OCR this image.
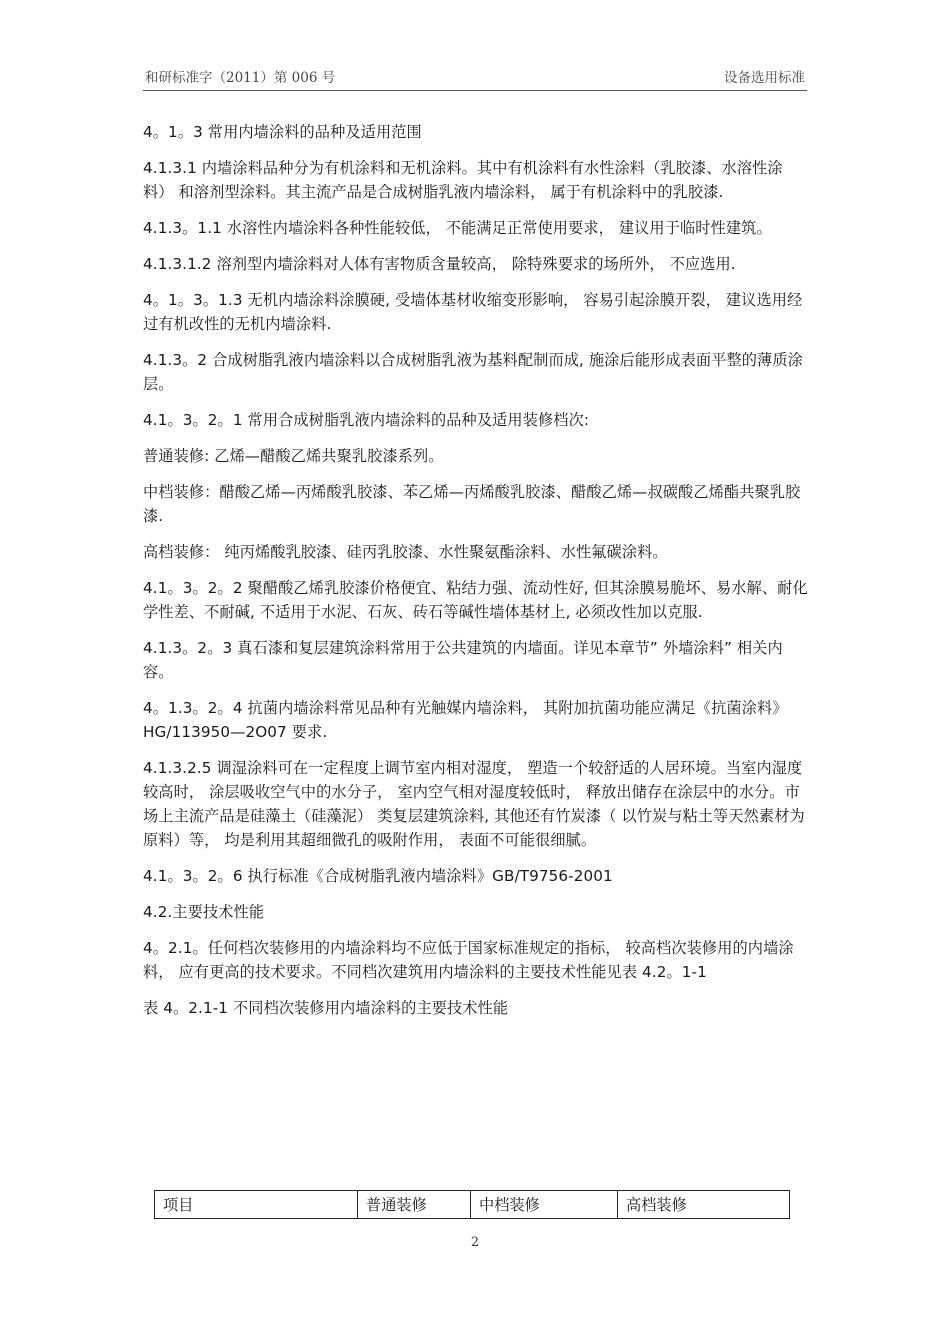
和研标准字（2011）第 006 号	设备选用标准

4。1。3 常用内墙涂料的品种及适用范围

4.1.3.1 内墙涂料品种分为有机涂料和无机涂料。其中有机涂料有水性涂料（乳胶漆、水溶性涂料） 和溶剂型涂料。其主流产品是合成树脂乳液内墙涂料， 属于有机涂料中的乳胶漆.

4.1.3。1.1 水溶性内墙涂料各种性能较低， 不能满足正常使用要求， 建议用于临时性建筑。

4.1.3.1.2 溶剂型内墙涂料对人体有害物质含量较高， 除特殊要求的场所外， 不应选用.

4。1。3。1.3 无机内墙涂料涂膜硬, 受墙体基材收缩变形影响， 容易引起涂膜开裂， 建议选用经过有机改性的无机内墙涂料.

4.1.3。2 合成树脂乳液内墙涂料以合成树脂乳液为基料配制而成, 施涂后能形成表面平整的薄质涂层。

4.1。3。2。1 常用合成树脂乳液内墙涂料的品种及适用装修档次:

普通装修: 乙烯—醋酸乙烯共聚乳胶漆系列。

中档装修：醋酸乙烯—丙烯酸乳胶漆、苯乙烯—丙烯酸乳胶漆、醋酸乙烯—叔碳酸乙烯酯共聚乳胶漆.

高档装修： 纯丙烯酸乳胶漆、硅丙乳胶漆、水性聚氨酯涂料、水性氟碳涂料。

4.1。3。2。2 聚醋酸乙烯乳胶漆价格便宜、粘结力强、流动性好, 但其涂膜易脆坏、易水解、耐化学性差、不耐碱, 不适用于水泥、石灰、砖石等碱性墙体基材上, 必须改性加以克服.

4.1.3。2。3 真石漆和复层建筑涂料常用于公共建筑的内墙面。详见本章节” 外墙涂料” 相关内容。

4。1.3。2。4 抗菌内墙涂料常见品种有光触媒内墙涂料， 其附加抗菌功能应满足《抗菌涂料》HG/113950—2O07 要求.

4.1.3.2.5 调湿涂料可在一定程度上调节室内相对湿度， 塑造一个较舒适的人居环境。当室内湿度较高时， 涂层吸收空气中的水分子， 室内空气相对湿度较低时， 释放出储存在涂层中的水分。市场上主流产品是硅藻土（硅藻泥） 类复层建筑涂料, 其他还有竹炭漆（ 以竹炭与粘土等天然素材为原料）等， 均是利用其超细微孔的吸附作用， 表面不可能很细腻。

4.1。3。2。6 执行标准《合成树脂乳液内墙涂料》GB/T9756-2001

4.2.主要技术性能

4。2.1。任何档次装修用的内墙涂料均不应低于国家标准规定的指标， 较高档次装修用的内墙涂料， 应有更高的技术要求。不同档次建筑用内墙涂料的主要技术性能见表 4.2。1-1

表 4。2.1-1 不同档次装修用内墙涂料的主要技术性能

项目	普通装修	中档装修	高档装修
2
